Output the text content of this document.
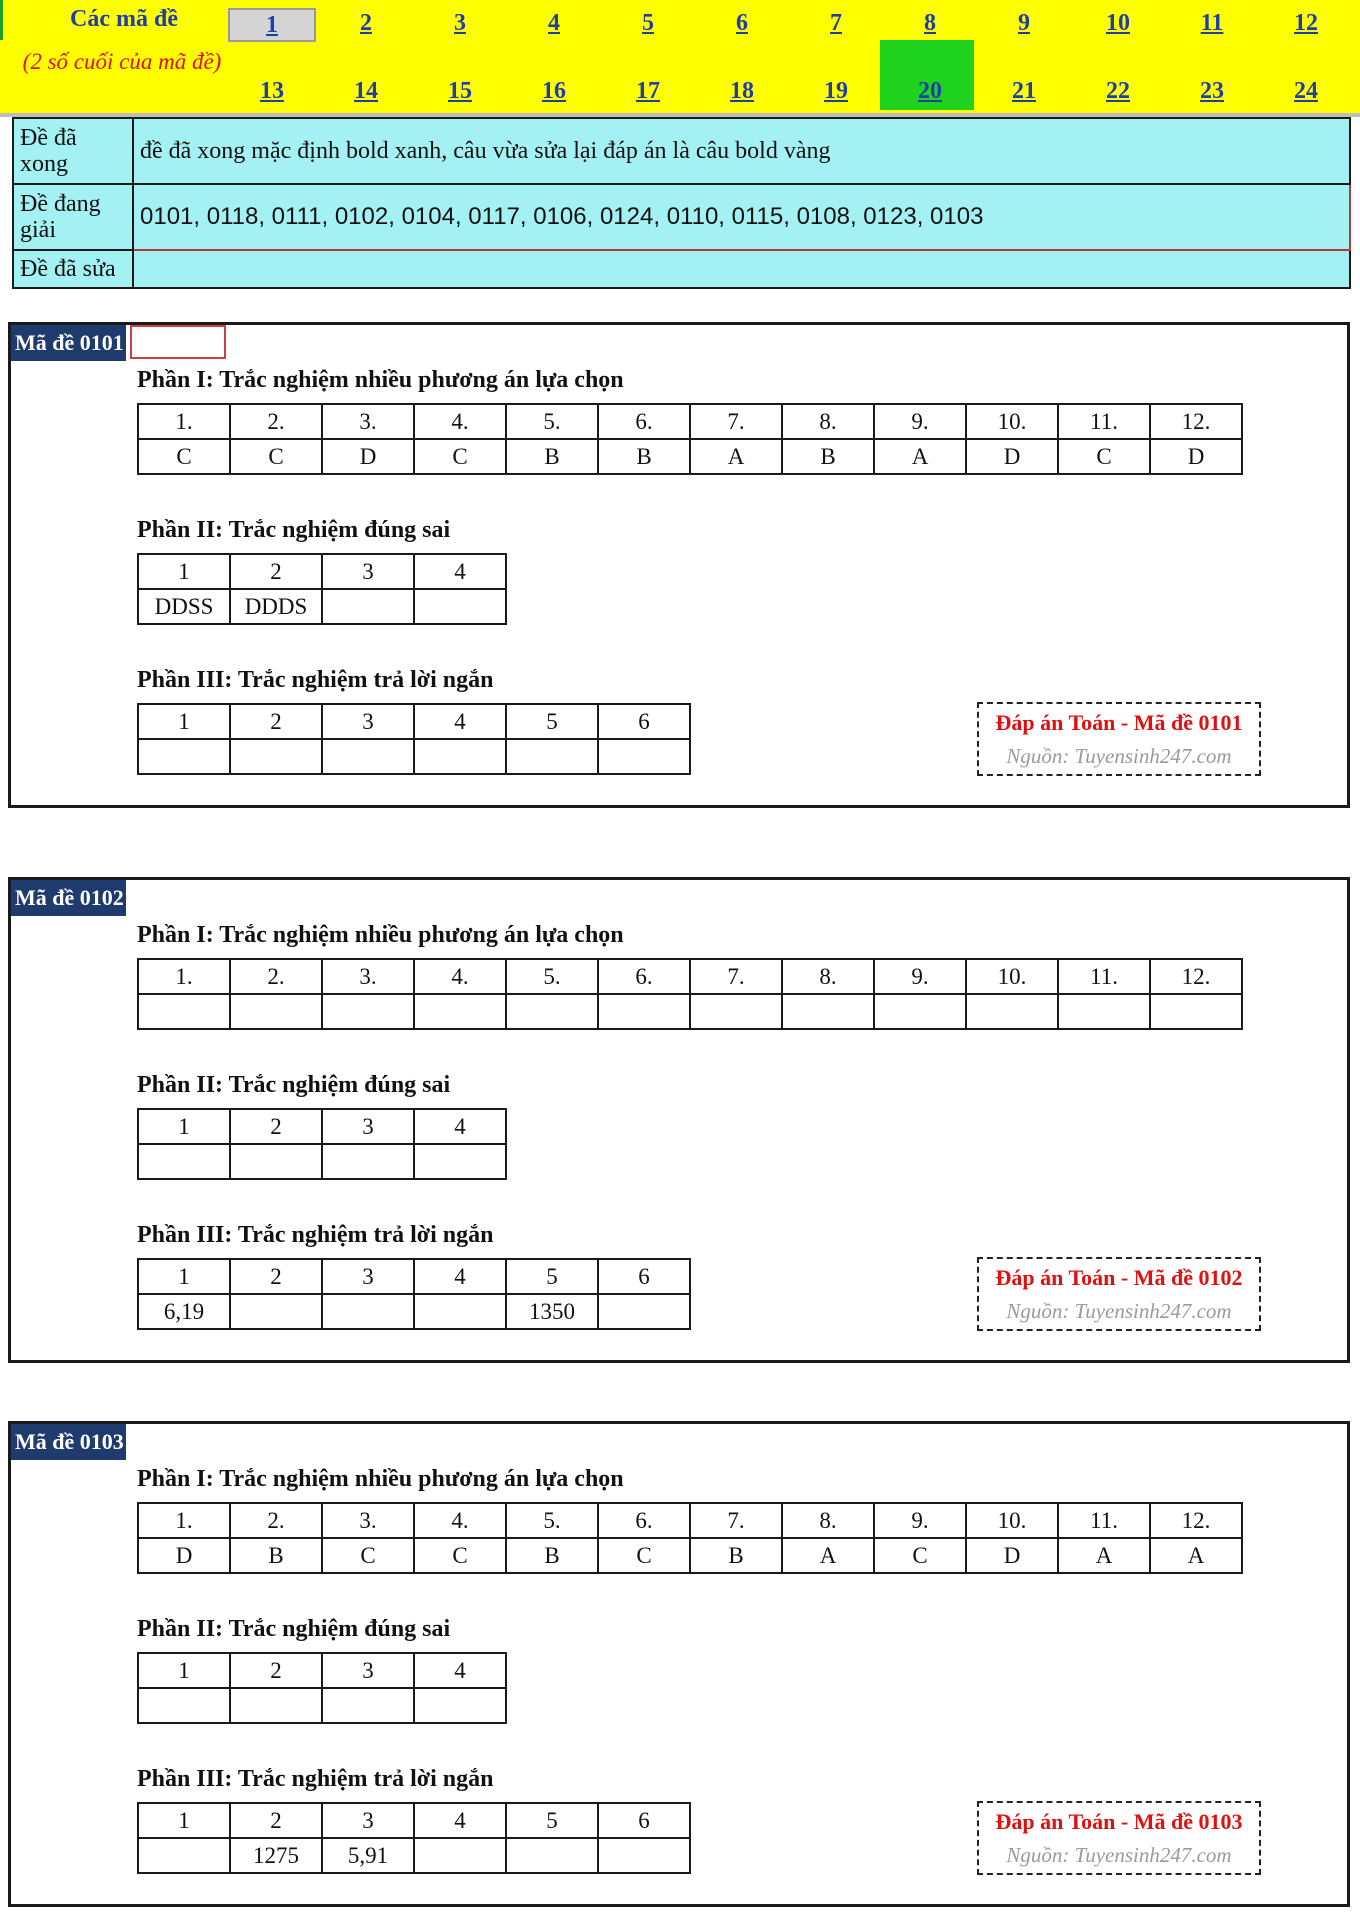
Các mã đề
(2 số cuối của mã đề)
1	2	3	4	5	6	7	8	9	10	11	12
13	14	15	16	17	18	19	20	21	22	23	24
Đề đã xong	đề đã xong mặc định bold xanh, câu vừa sửa lại đáp án là câu bold vàng
Đề đang giải	0101, 0118, 0111, 0102, 0104, 0117, 0106, 0124, 0110, 0115, 0108, 0123, 0103
Đề đã sửa	
Mã đề 0101
Phần I: Trắc nghiệm nhiều phương án lựa chọn
1.	2.	3.	4.	5.	6.	7.	8.	9.	10.	11.	12.
C	C	D	C	B	B	A	B	A	D	C	D
Phần II: Trắc nghiệm đúng sai
1	2	3	4
DDSS	DDDS		
Phần III: Trắc nghiệm trả lời ngắn
1	2	3	4	5	6
						Đáp án Toán - Mã đề 0101
Nguồn: Tuyensinh247.com
Mã đề 0102
Phần I: Trắc nghiệm nhiều phương án lựa chọn
1.	2.	3.	4.	5.	6.	7.	8.	9.	10.	11.	12.

Phần II: Trắc nghiệm đúng sai
1	2	3	4

Phần III: Trắc nghiệm trả lời ngắn
1	2	3	4	5	6
6,19				1350	
Đáp án Toán - Mã đề 0102
Nguồn: Tuyensinh247.com
Mã đề 0103
Phần I: Trắc nghiệm nhiều phương án lựa chọn
1.	2.	3.	4.	5.	6.	7.	8.	9.	10.	11.	12.
D	B	C	C	B	C	B	A	C	D	A	A
Phần II: Trắc nghiệm đúng sai
1	2	3	4

Phần III: Trắc nghiệm trả lời ngắn
1	2	3	4	5	6
	1275	5,91			
Đáp án Toán - Mã đề 0103
Nguồn: Tuyensinh247.com
